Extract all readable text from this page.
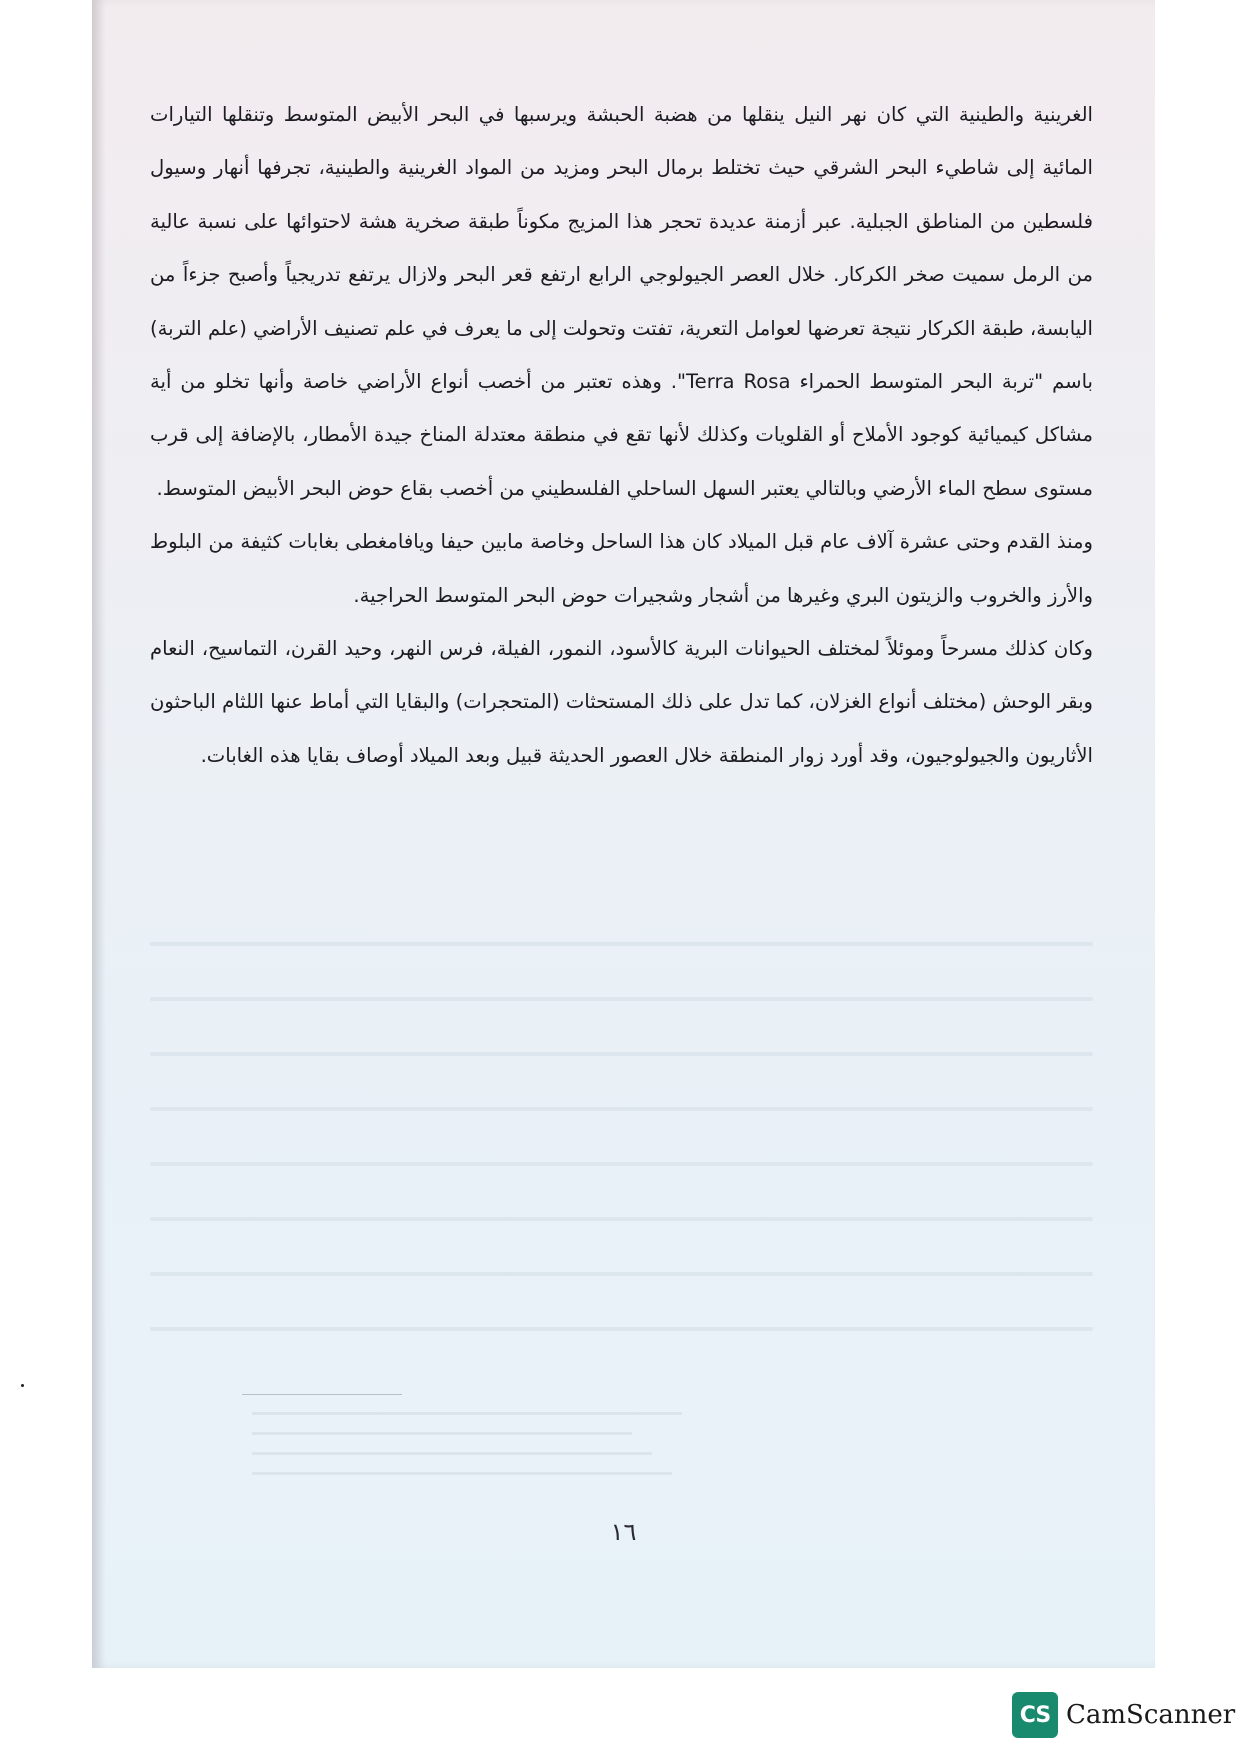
الغرينية والطينية التي كان نهر النيل ينقلها من هضبة الحبشة ويرسبها في البحر الأبيض المتوسط وتنقلها التيارات المائية إلى شاطيء البحر الشرقي حيث تختلط برمال البحر ومزيد من المواد الغرينية والطينية، تجرفها أنهار وسيول فلسطين من المناطق الجبلية. عبر أزمنة عديدة تحجر هذا المزيج مكوناً طبقة صخرية هشة لاحتوائها على نسبة عالية من الرمل سميت صخر الكركار. خلال العصر الجيولوجي الرابع ارتفع قعر البحر ولازال يرتفع تدريجياً وأصبح جزءاً من اليابسة، طبقة الكركار نتيجة تعرضها لعوامل التعرية، تفتت وتحولت إلى ما يعرف في علم تصنيف الأراضي (علم التربة) باسم "تربة البحر المتوسط الحمراء Terra Rosa". وهذه تعتبر من أخصب أنواع الأراضي خاصة وأنها تخلو من أية مشاكل كيميائية كوجود الأملاح أو القلويات وكذلك لأنها تقع في منطقة معتدلة المناخ جيدة الأمطار، بالإضافة إلى قرب مستوى سطح الماء الأرضي وبالتالي يعتبر السهل الساحلي الفلسطيني من أخصب بقاع حوض البحر الأبيض المتوسط.

ومنذ القدم وحتى عشرة آلاف عام قبل الميلاد كان هذا الساحل وخاصة مابين حيفا ويافامغطى بغابات كثيفة من البلوط والأرز والخروب والزيتون البري وغيرها من أشجار وشجيرات حوض البحر المتوسط الحراجية.

وكان كذلك مسرحاً وموئلاً لمختلف الحيوانات البرية كالأسود، النمور، الفيلة، فرس النهر، وحيد القرن، التماسيح، النعام وبقر الوحش (مختلف أنواع الغزلان، كما تدل على ذلك المستحثات (المتحجرات) والبقايا التي أماط عنها اللثام الباحثون الأثاريون والجيولوجيون، وقد أورد زوار المنطقة خلال العصور الحديثة قبيل وبعد الميلاد أوصاف بقايا هذه الغابات.

١٦
CS CamScanner
